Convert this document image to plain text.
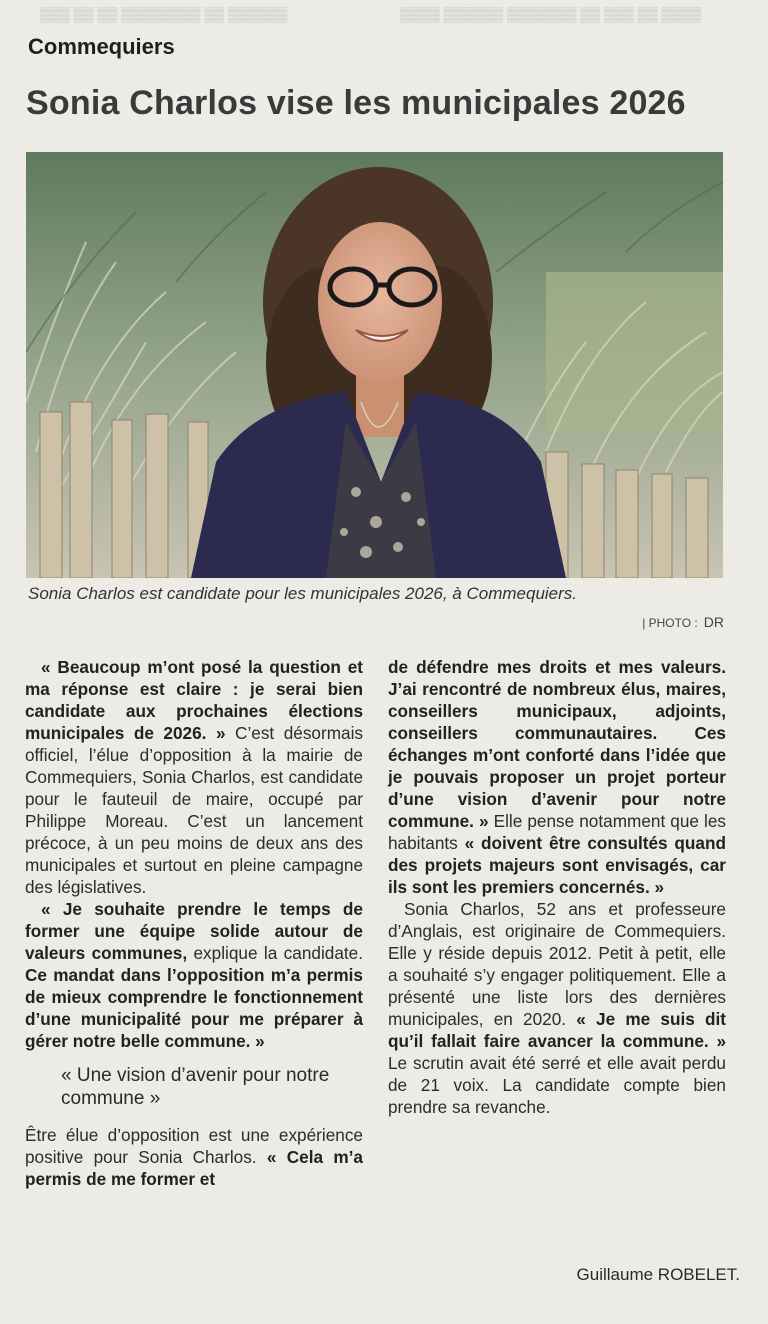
▒▒▒ ▒▒ ▒▒ ▒▒▒▒▒▒▒▒ ▒▒ ▒▒▒▒▒▒	▒▒▒▒ ▒▒▒▒▒▒ ▒▒▒▒▒▒▒ ▒▒ ▒▒▒ ▒▒ ▒▒▒▒
Commequiers
Sonia Charlos vise les municipales 2026
Sonia Charlos est candidate pour les municipales 2026, à Commequiers.
| PHOTO : DR

« Beaucoup m’ont posé la question et ma réponse est claire : je serai bien candidate aux prochaines élections municipales de 2026. » C’est désormais officiel, l’élue d’opposition à la mairie de Commequiers, Sonia Charlos, est candidate pour le fauteuil de maire, occupé par Philippe Moreau. C’est un lancement précoce, à un peu moins de deux ans des municipales et surtout en pleine campagne des législatives.

« Je souhaite prendre le temps de former une équipe solide autour de valeurs communes, explique la candidate. Ce mandat dans l’opposition m’a permis de mieux comprendre le fonctionnement d’une municipalité pour me préparer à gérer notre belle commune. »

« Une vision d’avenir pour notre commune »

Être élue d’opposition est une expérience positive pour Sonia Charlos. « Cela m’a permis de me former et

de défendre mes droits et mes valeurs. J’ai rencontré de nombreux élus, maires, conseillers municipaux, adjoints, conseillers communautaires. Ces échanges m’ont conforté dans l’idée que je pouvais proposer un projet porteur d’une vision d’avenir pour notre commune. » Elle pense notamment que les habitants « doivent être consultés quand des projets majeurs sont envisagés, car ils sont les premiers concernés. »

Sonia Charlos, 52 ans et professeure d’Anglais, est originaire de Commequiers. Elle y réside depuis 2012. Petit à petit, elle a souhaité s’y engager politiquement. Elle a présenté une liste lors des dernières municipales, en 2020. « Je me suis dit qu’il fallait faire avancer la commune. » Le scrutin avait été serré et elle avait perdu de 21 voix. La candidate compte bien prendre sa revanche.

Guillaume ROBELET.
